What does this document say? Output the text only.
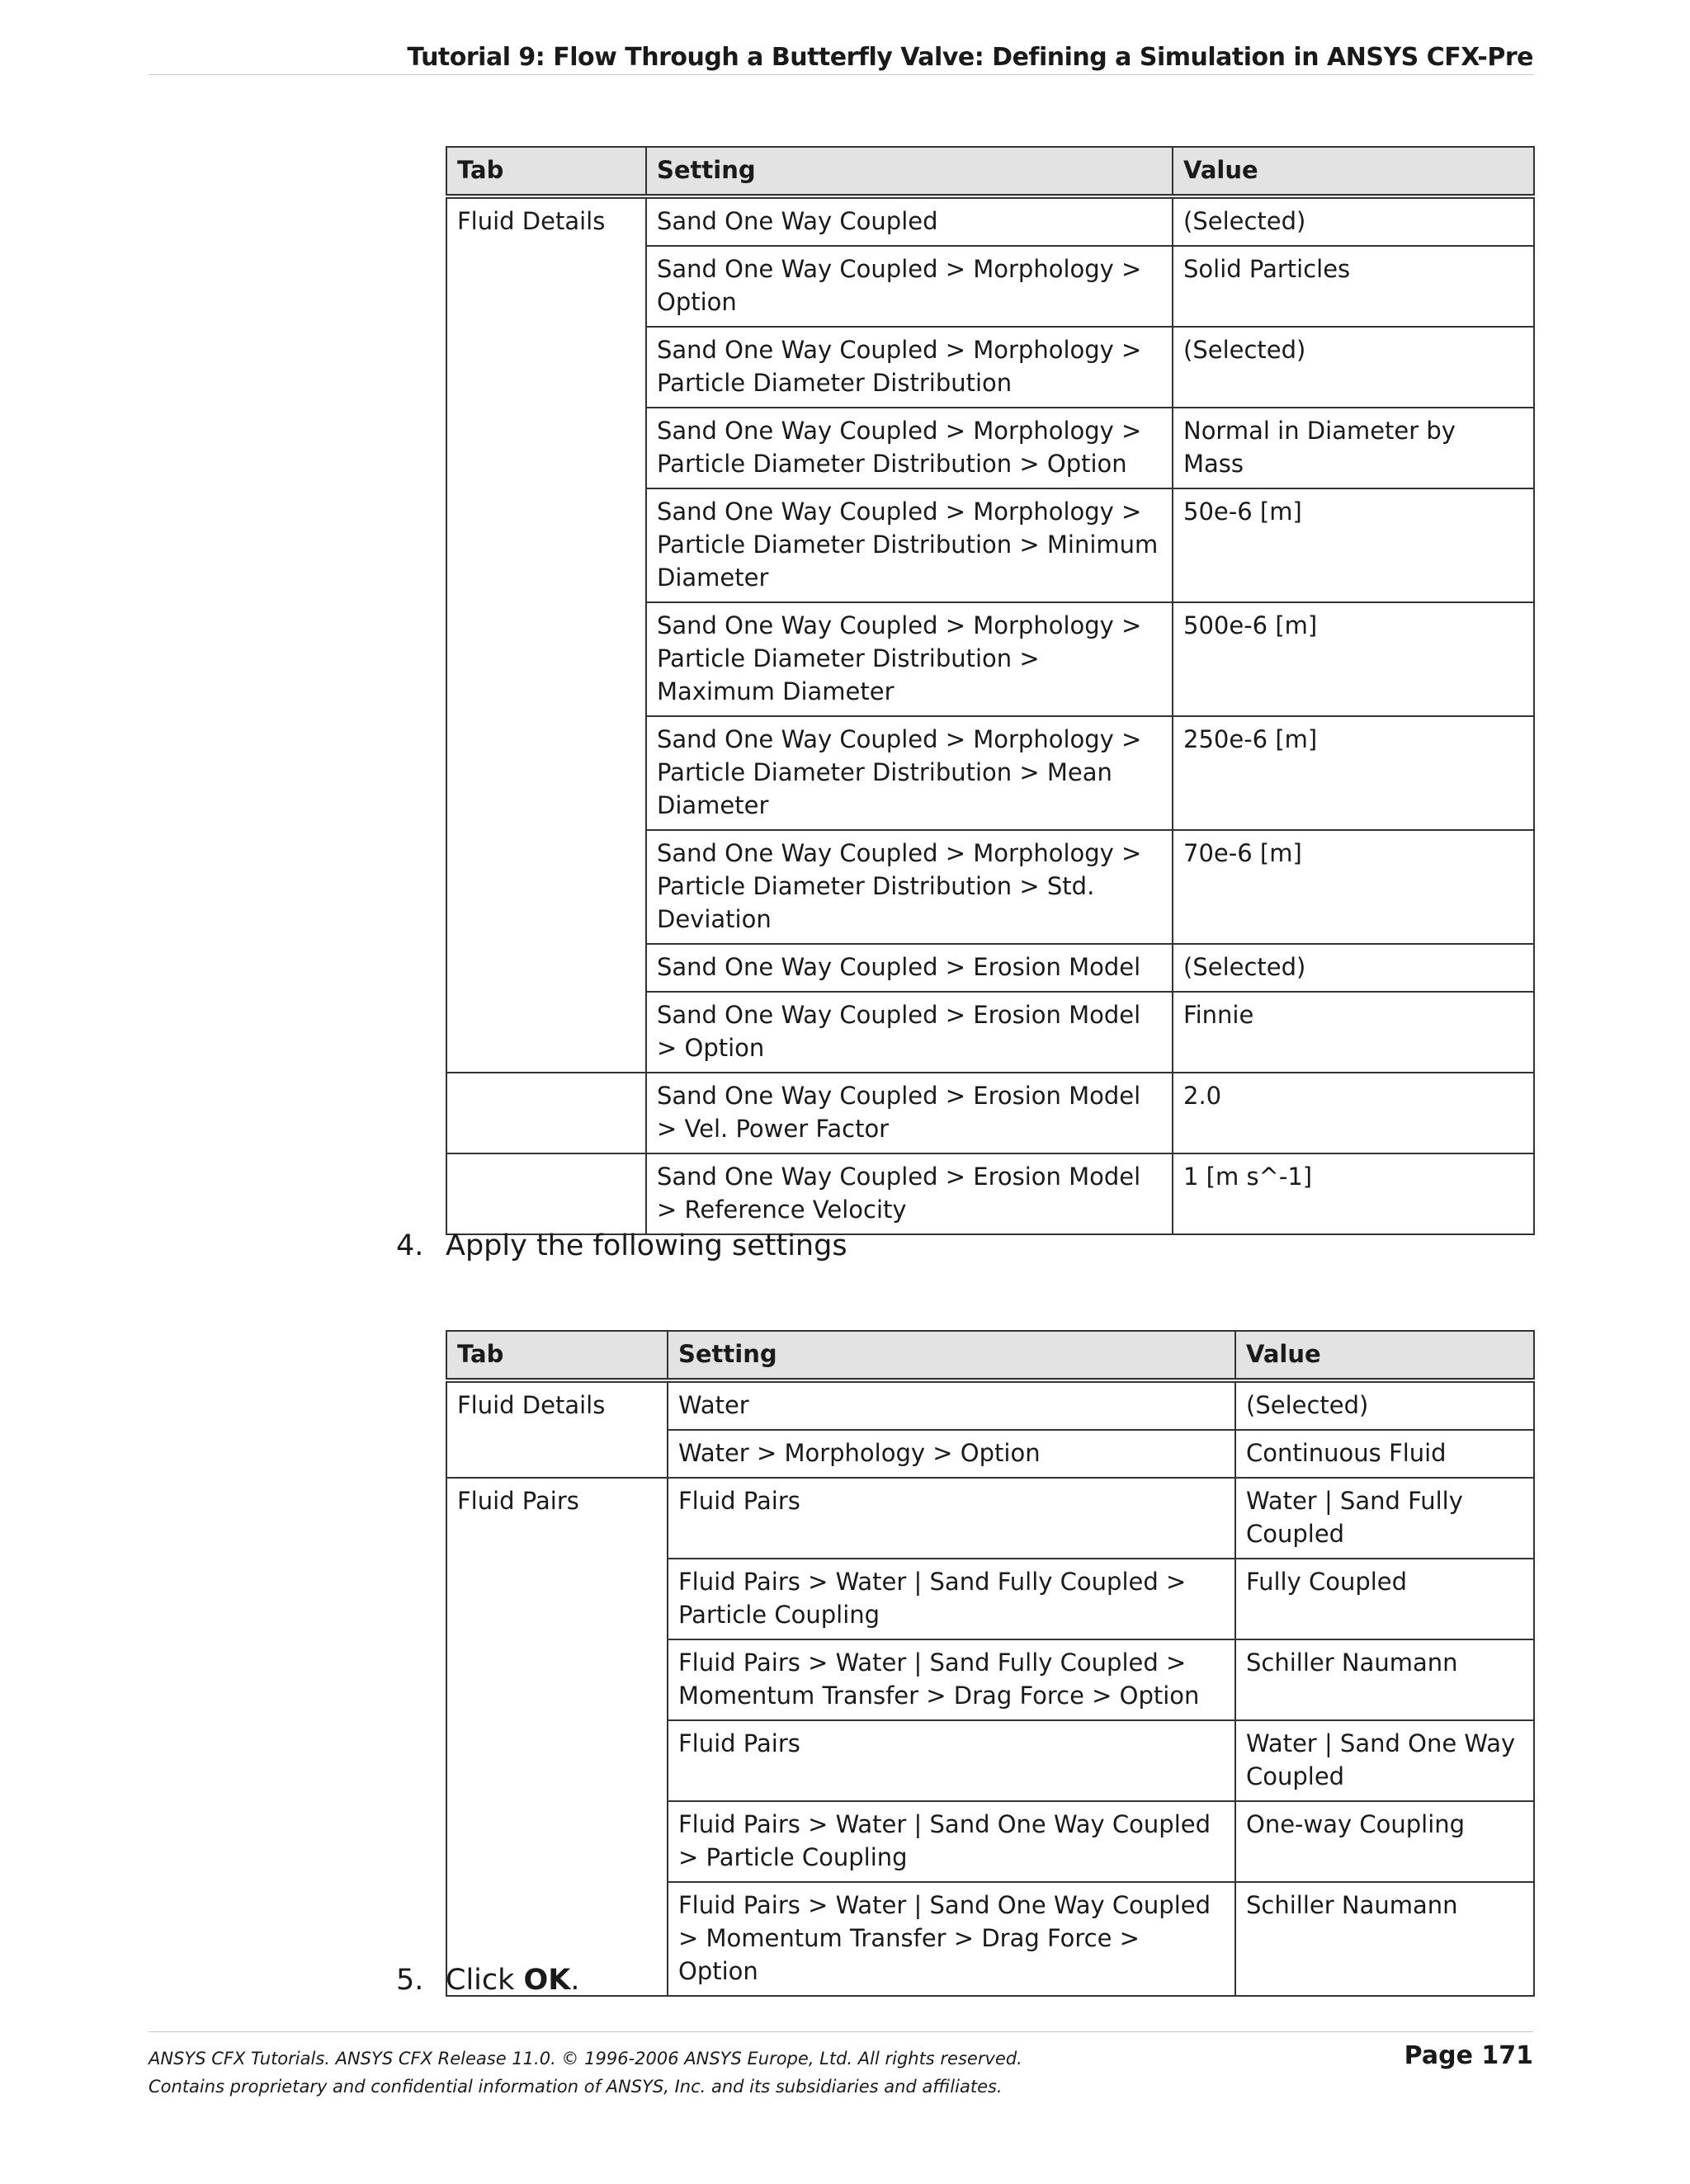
Tutorial 9: Flow Through a Butterfly Valve: Defining a Simulation in ANSYS CFX-Pre
Tab	Setting	Value
Fluid Details	Sand One Way Coupled	(Selected)
	Sand One Way Coupled > Morphology > Option	Solid Particles
	Sand One Way Coupled > Morphology > Particle Diameter Distribution	(Selected)
	Sand One Way Coupled > Morphology > Particle Diameter Distribution > Option	Normal in Diameter by Mass
	Sand One Way Coupled > Morphology > Particle Diameter Distribution > Minimum Diameter	50e-6 [m]
	Sand One Way Coupled > Morphology > Particle Diameter Distribution > Maximum Diameter	500e-6 [m]
	Sand One Way Coupled > Morphology > Particle Diameter Distribution > Mean Diameter	250e-6 [m]
	Sand One Way Coupled > Morphology > Particle Diameter Distribution > Std. Deviation	70e-6 [m]
	Sand One Way Coupled > Erosion Model	(Selected)
	Sand One Way Coupled > Erosion Model > Option	Finnie
	Sand One Way Coupled > Erosion Model > Vel. Power Factor	2.0
	Sand One Way Coupled > Erosion Model > Reference Velocity	1 [m s^-1]
4. Apply the following settings
Tab	Setting	Value
Fluid Details	Water	(Selected)
	Water > Morphology > Option	Continuous Fluid
Fluid Pairs	Fluid Pairs	Water | Sand Fully Coupled
	Fluid Pairs > Water | Sand Fully Coupled > Particle Coupling	Fully Coupled
	Fluid Pairs > Water | Sand Fully Coupled > Momentum Transfer > Drag Force > Option	Schiller Naumann
	Fluid Pairs	Water | Sand One Way Coupled
	Fluid Pairs > Water | Sand One Way Coupled > Particle Coupling	One-way Coupling
	Fluid Pairs > Water | Sand One Way Coupled > Momentum Transfer > Drag Force > Option	Schiller Naumann
5. Click OK.
ANSYS CFX Tutorials. ANSYS CFX Release 11.0. © 1996-2006 ANSYS Europe, Ltd. All rights reserved.
Contains proprietary and confidential information of ANSYS, Inc. and its subsidiaries and affiliates.
Page 171
